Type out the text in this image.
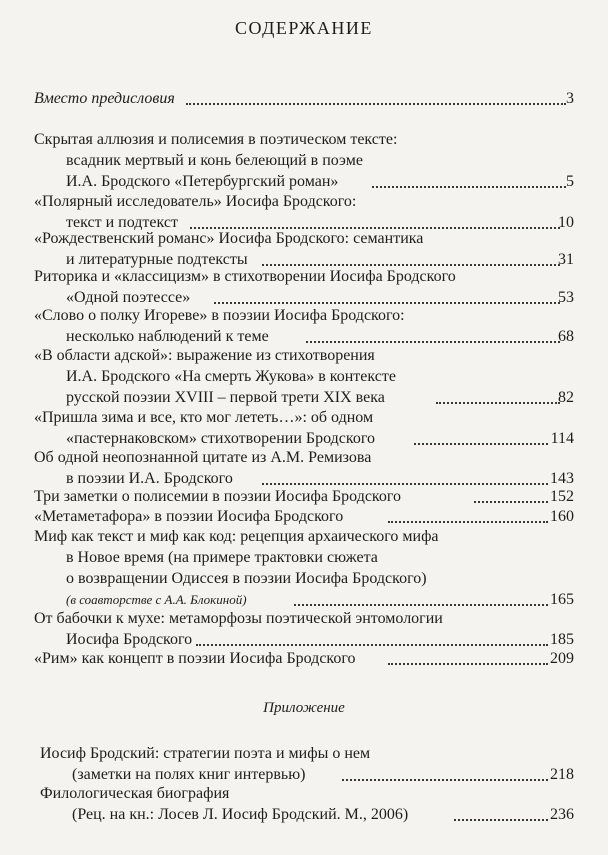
СОДЕРЖАНИЕ
Вместо предисловия	3
Скрытая аллюзия и полисемия в поэтическом тексте:
всадник мертвый и конь белеющий в поэме
И.А. Бродского «Петербургский роман»	5
«Полярный исследователь» Иосифа Бродского:
текст и подтекст	10
«Рождественский романс» Иосифа Бродского: семантика
и литературные подтексты	31
Риторика и «классицизм» в стихотворении Иосифа Бродского
«Одной поэтессе»	53
«Слово о полку Игореве» в поэзии Иосифа Бродского:
несколько наблюдений к теме	68
«В области адской»: выражение из стихотворения
И.А. Бродского «На смерть Жукова» в контексте
русской поэзии XVIII – первой трети XIX века	82
«Пришла зима и все, кто мог лететь…»: об одном
«пастернаковском» стихотворении Бродского	114
Об одной неопознанной цитате из А.М. Ремизова
в поэзии И.А. Бродского	143
Три заметки о полисемии в поэзии Иосифа Бродского	152
«Метаметафора» в поэзии Иосифа Бродского	160
Миф как текст и миф как код: рецепция архаического мифа
в Новое время (на примере трактовки сюжета
о возвращении Одиссея в поэзии Иосифа Бродского)
(в соавторстве с А.А. Блокиной)	165
От бабочки к мухе: метаморфозы поэтической энтомологии
Иосифа Бродского	185
«Рим» как концепт в поэзии Иосифа Бродского	209
Приложение
Иосиф Бродский: стратегии поэта и мифы о нем
(заметки на полях книг интервью)	218
Филологическая биография
(Рец. на кн.: Лосев Л. Иосиф Бродский. М., 2006)	236
